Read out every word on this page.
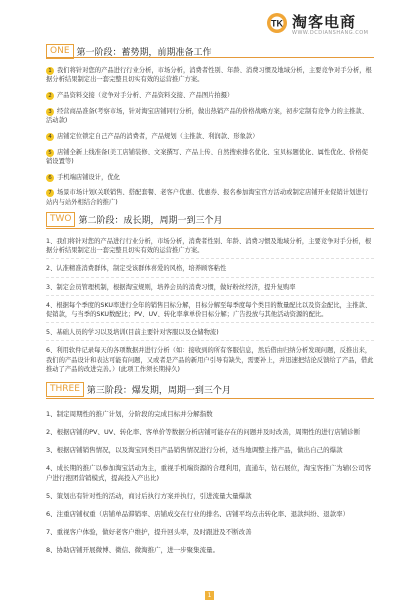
TK 淘客电商
WWW.DCDIANSHANG.COM
ONE 第一阶段：蓄势期，前期准备工作
1 我们将针对您的产品进行行业分析，市场分析，消费者性别、年龄、消费习惯及地域分析，主要竞争对手分析，根据分析结果制定出一套完整且切实有效的运营推广方案。
2 产品资料交接（竞争对手分析、产品资料交接、产品图片拍摄）
3 经营商品准备(考察市场，针对淘宝店铺同行分析，做出热销产品的价格战略方案，初步定制有竞争力的主推款、活动款)
4 店铺定位锁定自己产品的消费者，产品规划（主推款、利润款、形象款）
5 店铺全新上线准备(美工店铺装修、文案撰写、产品上传、自然搜索排名优化、宝贝标题优化、属性优化、价格促销设置等)
6 手机端店铺设计，优化
7 场景市场计划(关联销售、搭配套餐、老客户优惠、优惠券、报名参加淘宝官方活动或制定店铺开业促销计划进行站内与站外相结合的推广)
TWO 第二阶段：成长期，周期一到三个月
1、我们将针对您的产品进行行业分析，市场分析，消费者性别、年龄、消费习惯及地域分析，主要竞争对手分析，根据分析结果制定出一套完整且切实有效的运营推广方案。
2、认准精准消费群体，制定受该群体喜爱的风格，培养顾客粘性
3、制定会员管理机制，根据淘宝规则，培养会员的消费习惯，做好粉丝经济，提升复购率
4、根据每个季度的SKU率进行全年的销售目标分解，目标分解至每季度每个类目的数量配比以及资金配比，主推款、促销款，与当季的SKU数配比；PV、UV、转化率拿单价目标分解；广告投放与其他活动资源的配比。
5、基础人员的学习以及培训(目前主要针对客服以及仓储物流)
6、利用软件记录每天的各项数据并进行分析（如：接收到的所有客服信息，然后借由归纳分析发现问题，反推出来，我们的产品设计和表达可能有问题，又或者是产品的新用户引导有缺失，需要补上，并迅速把结论反馈给了产品，借此推动了产品的改进完善。）(此项工作须长期持久)
THREE 第三阶段：爆发期，周期一到三个月
1、制定周期性的推广计划，分阶段的完成目标并分解指数
2、根据店铺的PV、UV、转化率、客单价等数据分析店铺可能存在的问题并及时改善，周期性的进行店铺诊断
3、根据店铺销售情况，以及淘宝同类目产品销售情况进行分析，适当地调整主推产品，做出自己的爆款
4、成长期的推广以参加淘宝活动为主，重视手机端资源的合理利用，直通车，钻石展位，淘宝客推广为辅(公司客户进行抱团营销模式，提高投入产出比)
5、策划出有针对性的活动，商讨后执行方案并执行，引进流量大量爆款
6、注重店铺权重（店铺单品滞销率、店铺成交在行业的排名、店铺平均点击转化率、退款纠纷、退款率）
7、重视客户体验，做好老客户维护，提升回头率，及时跟进及不断改善
8、协助店铺开展微博、微信、微淘推广，进一步聚集流量。
1
